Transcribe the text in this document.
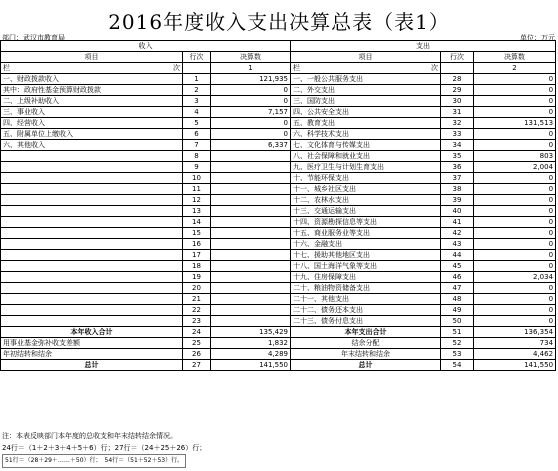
2016年度收入支出决算总表（表1）
部门：武汉市教育局	单位：万元
收入			支出		
项目	行次	决算数	项目	行次	决算数

栏 次		1	栏 次		2
一、财政拨款收入	1	121,935	一、一般公共服务支出	28	0
其中：政府性基金预算财政拨款	2	0	二、外交支出	29	0
二、上级补助收入	3	0	三、国防支出	30	0
三、事业收入	4	7,157	四、公共安全支出	31	0
四、经营收入	5	0	五、教育支出	32	131,513
五、附属单位上缴收入	6	0	六、科学技术支出	33	0
六、其他收入	7	6,337	七、文化体育与传媒支出	34	0
	8		八、社会保障和就业支出	35	803
	9		九、医疗卫生与计划生育支出	36	2,004
	10		十、节能环保支出	37	0
	11		十一、城乡社区支出	38	0
	12		十二、农林水支出	39	0
	13		十三、交通运输支出	40	0
	14		十四、资源勘探信息等支出	41	0
	15		十五、商业服务业等支出	42	0
	16		十六、金融支出	43	0
	17		十七、援助其他地区支出	44	0
	18		十八、国土海洋气象等支出	45	0
	19		十九、住房保障支出	46	2,034
	20		二十、粮油物资储备支出	47	0
	21		二十一、其他支出	48	0
	22		二十二、债务还本支出	49	0
	23		二十三、债务付息支出	50	0
本年收入合计	24	135,429	本年支出合计	51	136,354
用事业基金弥补收支差额	25	1,832	结余分配	52	734
年初结转和结余	26	4,289	年末结转和结余	53	4,462
总计	27	141,550	总计	54	141,550
注：本表反映部门本年度的总收支和年末结转结余情况。
24行＝（1＋2＋3＋4＋5＋6）行；27行＝（24＋25＋26）行；
51行＝（28＋29＋……＋50）行；　54行＝（51＋52＋53）行。
